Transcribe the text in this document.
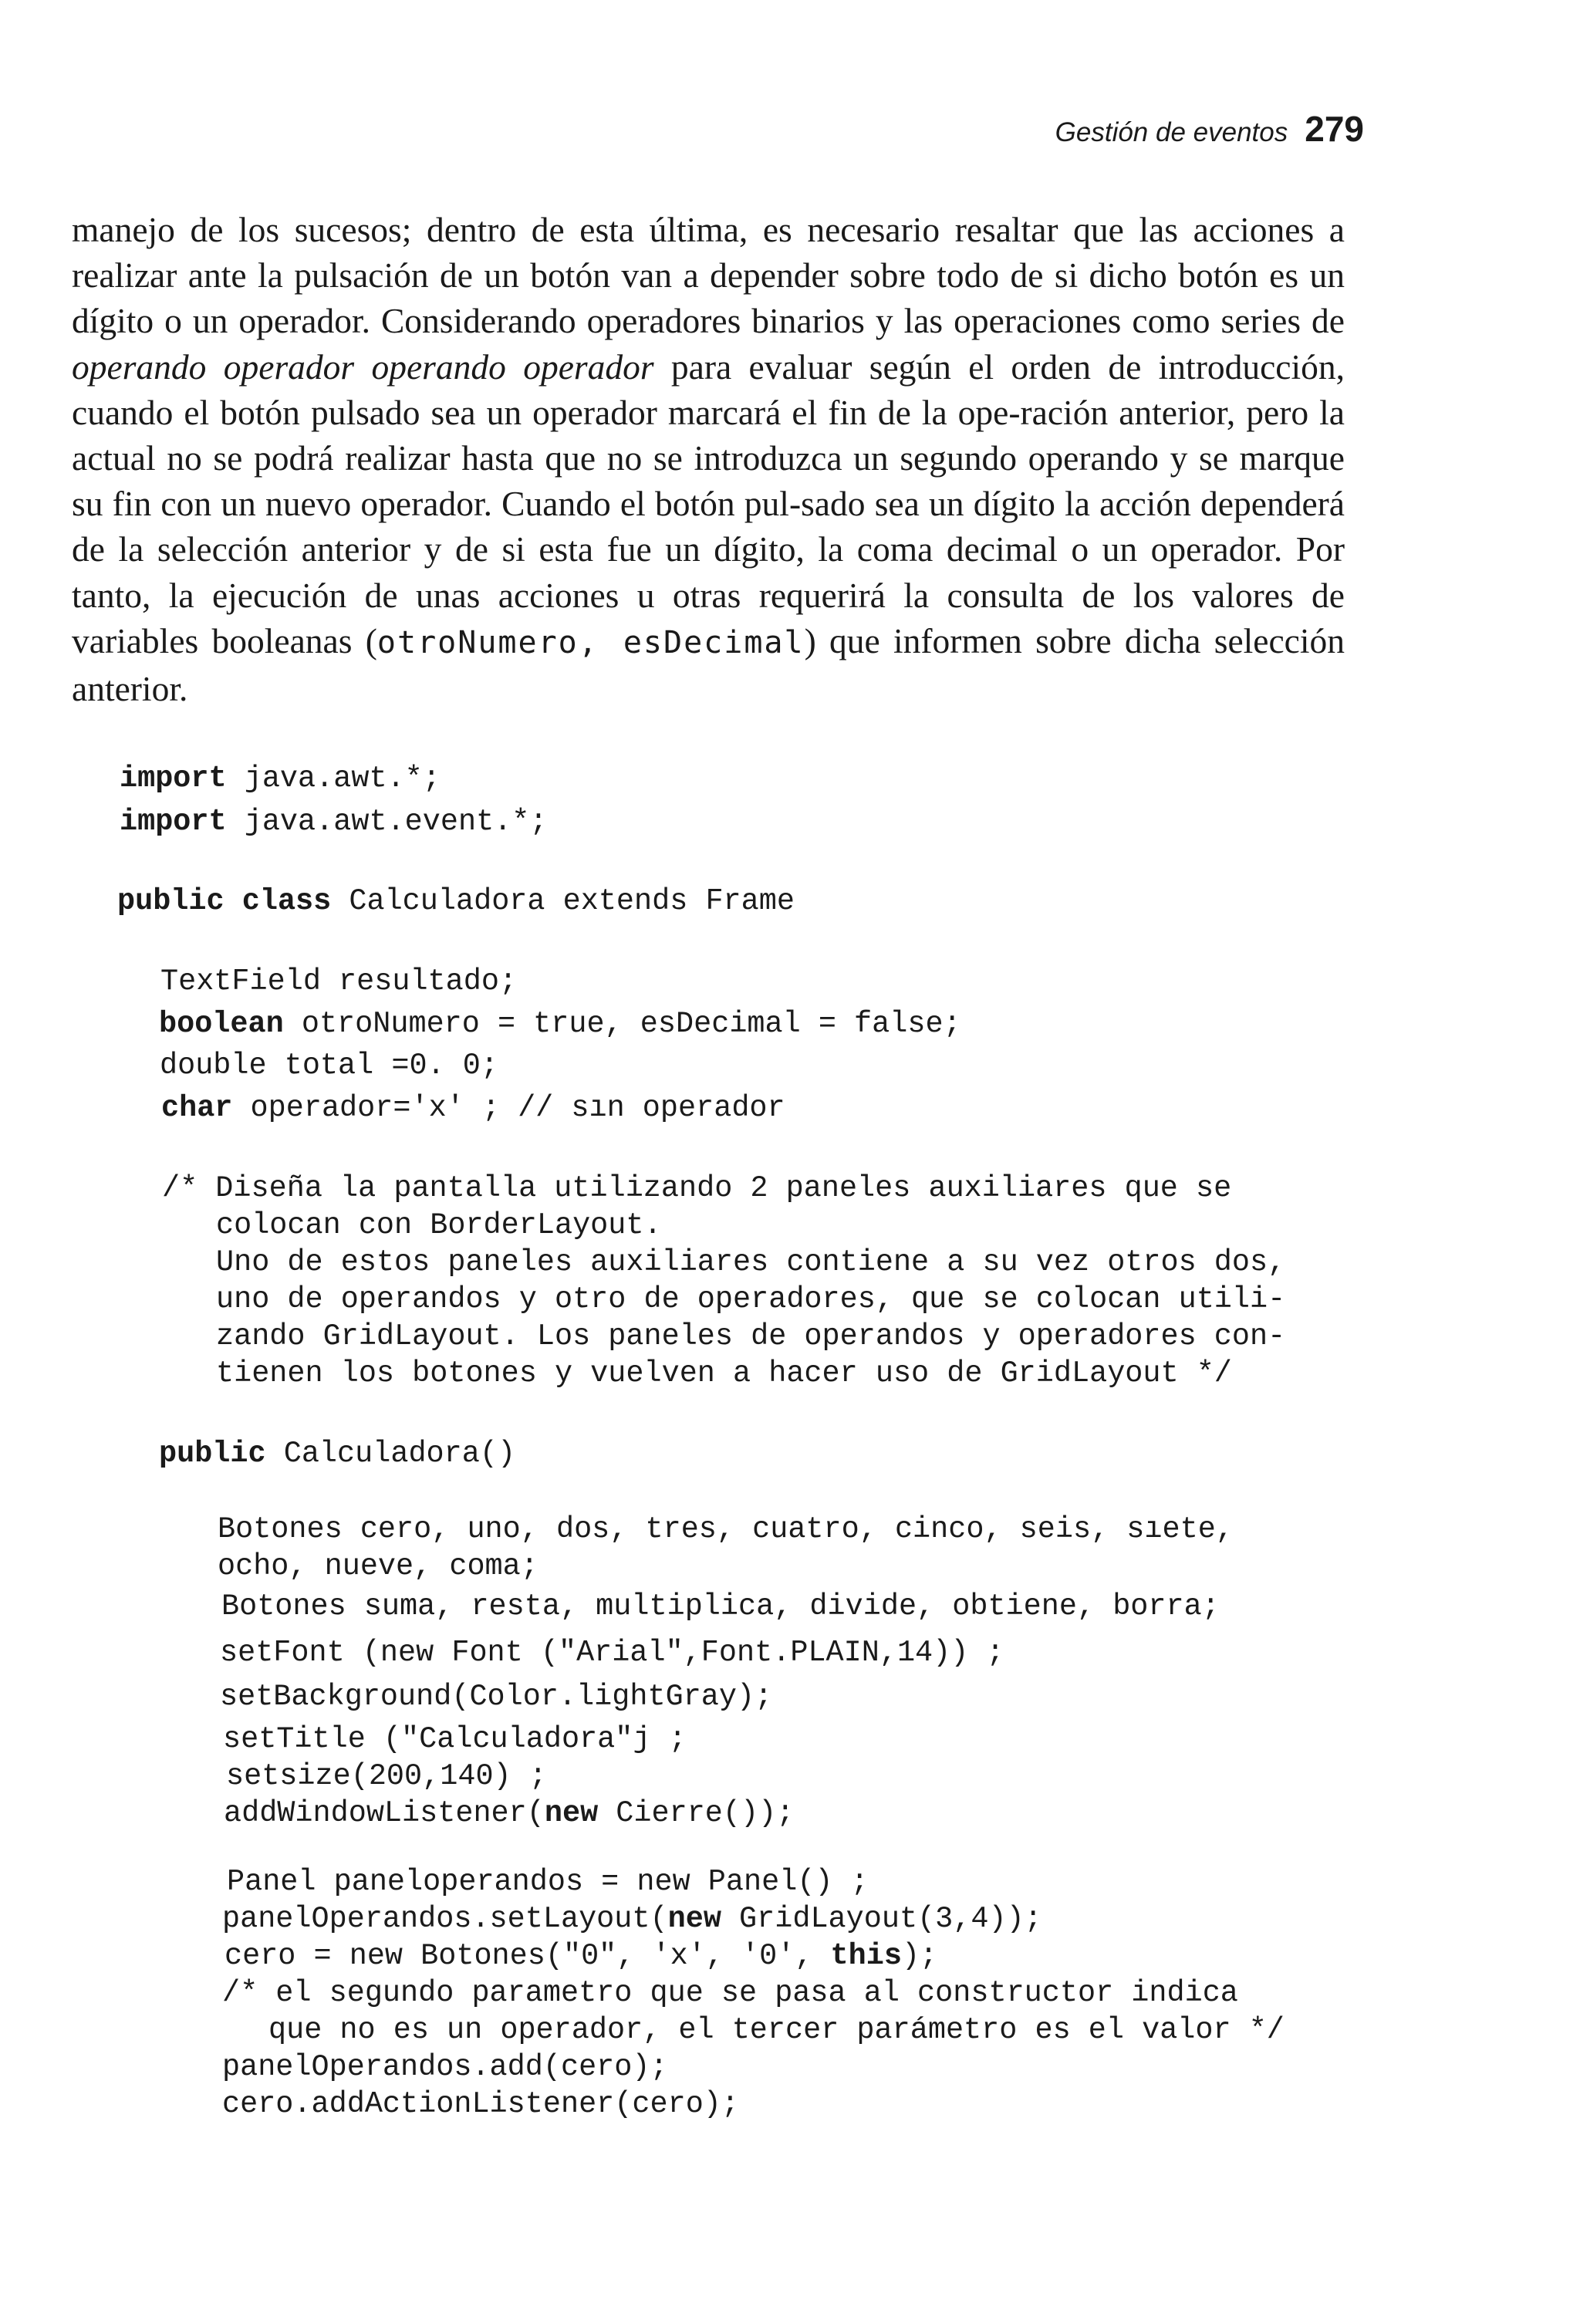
Gestión de eventos 279

manejo de los sucesos; dentro de esta última, es necesario resaltar que las acciones a realizar ante la pulsación de un botón van a depender sobre todo de si dicho botón es un dígito o un operador. Considerando operadores binarios y las operaciones como series de operando operador operando operador para evaluar según el orden de introducción, cuando el botón pulsado sea un operador marcará el fin de la ope-ración anterior, pero la actual no se podrá realizar hasta que no se introduzca un segundo operando y se marque su fin con un nuevo operador. Cuando el botón pul-sado sea un dígito la acción dependerá de la selección anterior y de si esta fue un dígito, la coma decimal o un operador. Por tanto, la ejecución de unas acciones u otras requerirá la consulta de los valores de variables booleanas (otroNumero, esDecimal) que informen sobre dicha selección anterior.

import java.awt.*;
import java.awt.event.*;
public class Calculadora extends Frame
TextField resultado;
boolean otroNumero = true, esDecimal = false;
double total =0. 0;
char operador='x' ; // sın operador
/* Diseña la pantalla utilizando 2 paneles auxiliares que se
colocan con BorderLayout.
Uno de estos paneles auxiliares contiene a su vez otros dos,
uno de operandos y otro de operadores, que se colocan utili-
zando GridLayout. Los paneles de operandos y operadores con-
tienen los botones y vuelven a hacer uso de GridLayout */
public Calculadora()
Botones cero, uno, dos, tres, cuatro, cinco, seis, sıete,
ocho, nueve, coma;
Botones suma, resta, multiplica, divide, obtiene, borra;
setFont (new Font ("Arial",Font.PLAIN,14)) ;
setBackground(Color.lightGray);
setTitle ("Calculadora"j ;
setsize(200,140) ;
addWindowListener(new Cierre());
Panel paneloperandos = new Panel() ;
panelOperandos.setLayout(new GridLayout(3,4));
cero = new Botones("0", 'x', '0', this);
/* el segundo parametro que se pasa al constructor indica
que no es un operador, el tercer parámetro es el valor */
panelOperandos.add(cero);
cero.addActionListener(cero);
